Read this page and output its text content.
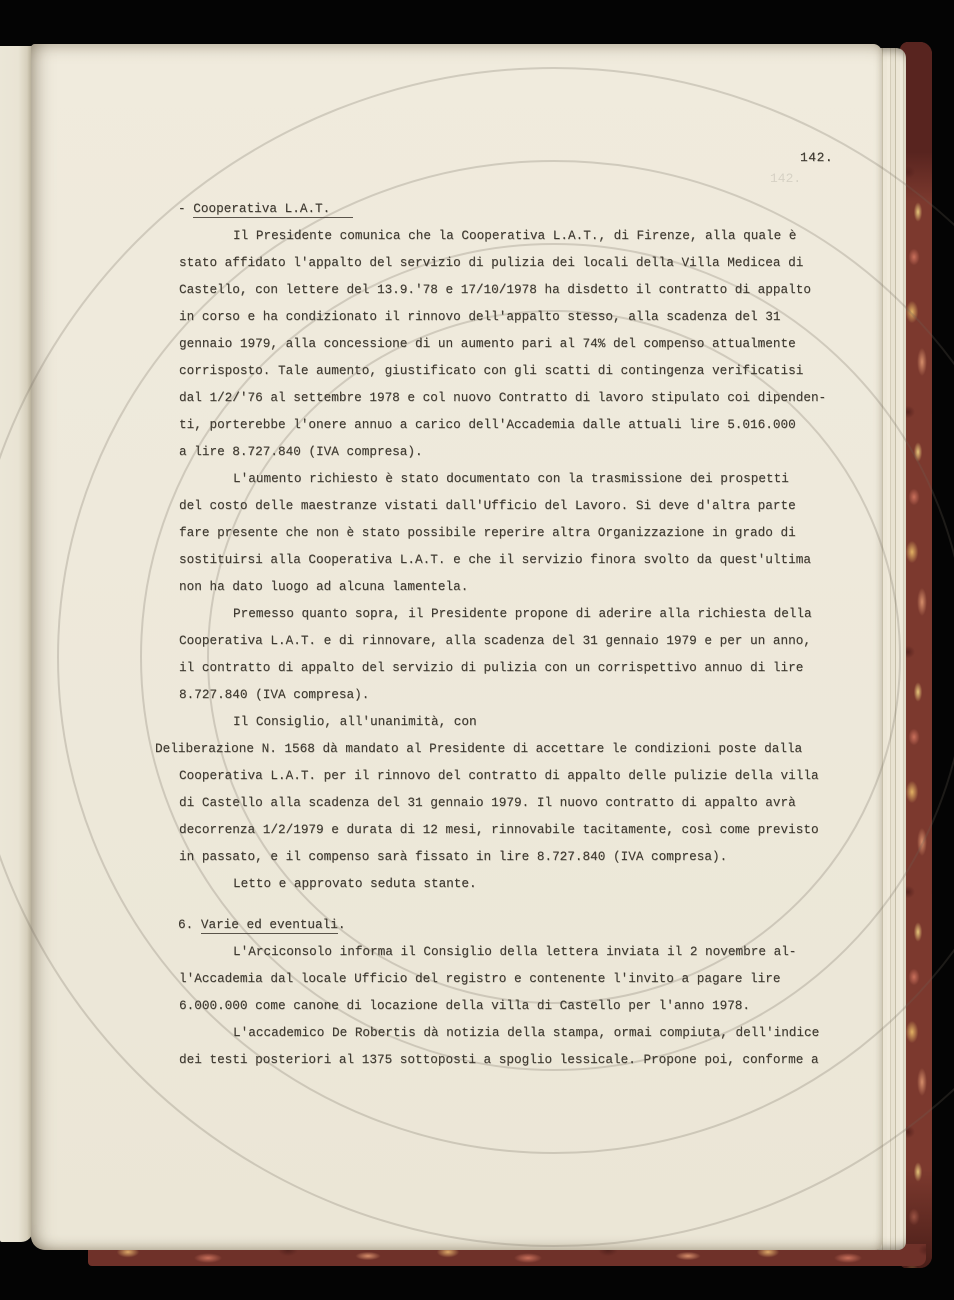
142.
142.
- Cooperativa L.A.T.
Il Presidente comunica che la Cooperativa L.A.T., di Firenze, alla quale è
stato affidato l'appalto del servizio di pulizia dei locali della Villa Medicea di
Castello, con lettere del 13.9.'78 e 17/10/1978 ha disdetto il contratto di appalto
in corso e ha condizionato il rinnovo dell'appalto stesso, alla scadenza del 31
gennaio 1979, alla concessione di un aumento pari al 74% del compenso attualmente
corrisposto. Tale aumento, giustificato con gli scatti di contingenza verificatisi
dal 1/2/'76 al settembre 1978 e col nuovo Contratto di lavoro stipulato coi dipenden-
ti, porterebbe l'onere annuo a carico dell'Accademia dalle attuali lire 5.016.000
a lire 8.727.840 (IVA compresa).
L'aumento richiesto è stato documentato con la trasmissione dei prospetti
del costo delle maestranze vistati dall'Ufficio del Lavoro. Si deve d'altra parte
fare presente che non è stato possibile reperire altra Organizzazione in grado di
sostituirsi alla Cooperativa L.A.T. e che il servizio finora svolto da quest'ultima
non ha dato luogo ad alcuna lamentela.
Premesso quanto sopra, il Presidente propone di aderire alla richiesta della
Cooperativa L.A.T. e di rinnovare, alla scadenza del 31 gennaio 1979 e per un anno,
il contratto di appalto del servizio di pulizia con un corrispettivo annuo di lire
8.727.840 (IVA compresa).
Il Consiglio, all'unanimità, con
Deliberazione N. 1568 dà mandato al Presidente di accettare le condizioni poste dalla
Cooperativa L.A.T. per il rinnovo del contratto di appalto delle pulizie della villa
di Castello alla scadenza del 31 gennaio 1979. Il nuovo contratto di appalto avrà
decorrenza 1/2/1979 e durata di 12 mesi, rinnovabile tacitamente, così come previsto
in passato, e il compenso sarà fissato in lire 8.727.840 (IVA compresa).
Letto e approvato seduta stante.
6. Varie ed eventuali.
L'Arciconsolo informa il Consiglio della lettera inviata il 2 novembre al-
l'Accademia dal locale Ufficio del registro e contenente l'invito a pagare lire
6.000.000 come canone di locazione della villa di Castello per l'anno 1978.
L'accademico De Robertis dà notizia della stampa, ormai compiuta, dell'indice
dei testi posteriori al 1375 sottoposti a spoglio lessicale. Propone poi, conforme a
